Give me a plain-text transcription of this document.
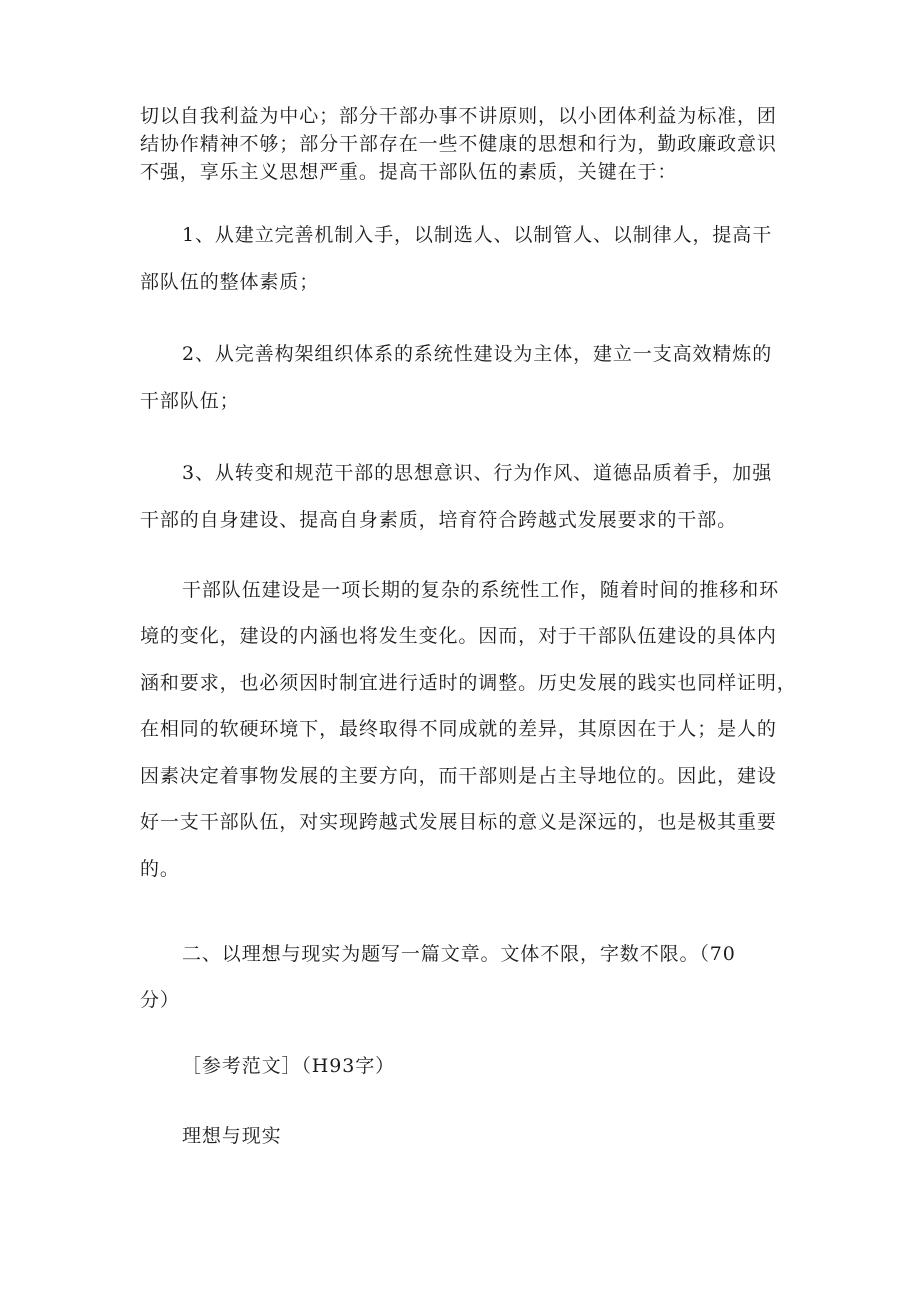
切以自我利益为中心；部分干部办事不讲原则，以小团体利益为标准，团

结协作精神不够；部分干部存在一些不健康的思想和行为，勤政廉政意识

不强，享乐主义思想严重。提高干部队伍的素质，关键在于：

1、从建立完善机制入手，以制选人、以制管人、以制律人，提高干

部队伍的整体素质；

2、从完善构架组织体系的系统性建设为主体，建立一支高效精炼的

干部队伍；

3、从转变和规范干部的思想意识、行为作风、道德品质着手，加强

干部的自身建设、提高自身素质，培育符合跨越式发展要求的干部。

干部队伍建设是一项长期的复杂的系统性工作，随着时间的推移和环

境的变化，建设的内涵也将发生变化。因而，对于干部队伍建设的具体内

涵和要求，也必须因时制宜进行适时的调整。历史发展的践实也同样证明，

在相同的软硬环境下，最终取得不同成就的差异，其原因在于人；是人的

因素决定着事物发展的主要方向，而干部则是占主导地位的。因此，建设

好一支干部队伍，对实现跨越式发展目标的意义是深远的，也是极其重要

的。

二、以理想与现实为题写一篇文章。文体不限，字数不限。（70

分）

［参考范文］（H93字）

理想与现实
